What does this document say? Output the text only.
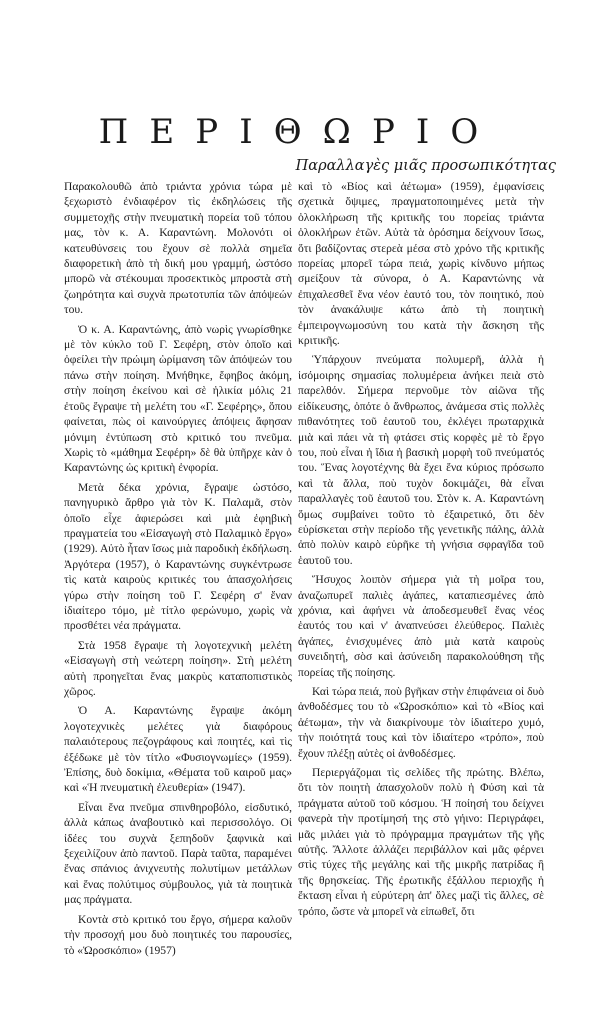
ΠΕΡΙΘΩΡΙΟ

Παραλλαγὲς μιᾶς προσωπικότητας

Παρακολουθῶ ἀπὸ τριάντα χρόνια τώρα μὲ ξεχωριστὸ ἐνδιαφέρον τὶς ἐκδηλώσεις τῆς συμμετοχῆς στὴν πνευματικὴ πορεία τοῦ τόπου μας, τὸν κ. Α. Καραντώνη. Μολονότι οἱ κατευθύνσεις του ἔχουν σὲ πολλὰ σημεῖα διαφορετικὴ ἀπὸ τὴ δική μου γραμμή, ὡστόσο μπορῶ νὰ στέκουμαι προσεκτικὸς μπροστὰ στὴ ζωηρότητα καὶ συχνὰ πρωτοτυπία τῶν ἀπόψεών του.

Ὁ κ. Α. Καραντώνης, ἀπὸ νωρὶς γνωρίσθηκε μὲ τὸν κύκλο τοῦ Γ. Σεφέρη, στὸν ὁποῖο καὶ ὀφείλει τὴν πρώιμη ὡρίμανση τῶν ἀπόψεών του πάνω στὴν ποίηση. Μνήθηκε, ἔφηβος ἀκόμη, στὴν ποίηση ἐκείνου καὶ σὲ ἡλικία μόλις 21 ἐτοῦς ἔγραψε τὴ μελέτη του «Γ. Σεφέρης», ὅπου φαίνεται, πὼς οἱ καινούργιες ἀπόψεις ἄφησαν μόνιμη ἐντύπωση στὸ κριτικό του πνεῦμα. Χωρὶς τὸ «μάθημα Σεφέρη» δὲ θὰ ὑπῆρχε κὰν ὁ Καραντώνης ὡς κριτικὴ ἐνφορία.

Μετὰ δέκα χρόνια, ἔγραψε ὡστόσο, πανηγυρικὸ ἄρθρο γιὰ τὸν Κ. Παλαμᾶ, στὸν ὁποῖο εἶχε ἀφιερώσει καὶ μιὰ ἐφηβικὴ πραγματεία του «Εἰσαγωγὴ στὸ Παλαμικὸ ἔργο» (1929). Αὐτὸ ἦταν ἴσως μιὰ παροδικὴ ἐκδήλωση. Ἀργότερα (1957), ὁ Καραντώνης συγκέντρωσε τὶς κατὰ καιροὺς κριτικές του ἀπασχολήσεις γύρω στὴν ποίηση τοῦ Γ. Σεφέρη σ' ἕναν ἰδιαίτερο τόμο, μὲ τίτλο φερώνυμο, χωρὶς νὰ προσθέτει νέα πράγματα.

Στὰ 1958 ἔγραψε τὴ λογοτεχνικὴ μελέτη «Εἰσαγωγὴ στὴ νεώτερη ποίηση». Στὴ μελέτη αὐτὴ προηγεῖται ἕνας μακρὺς καταποπιστικὸς χῶρος.

Ὁ Α. Καραντώνης ἔγραψε ἀκόμη λογοτεχνικὲς μελέτες γιὰ διαφόρους παλαιότερους πεζογράφους καὶ ποιητές, καὶ τὶς ἐξέδωκε μὲ τὸν τίτλο «Φυσιογνωμίες» (1959). Ἐπίσης, δυὸ δοκίμια, «Θέματα τοῦ καιροῦ μας» καὶ «Ἡ πνευματικὴ ἐλευθερία» (1947).

Εἶναι ἕνα πνεῦμα σπινθηροβόλο, εἰσδυτικό, ἀλλὰ κάπως ἀναβουτικὸ καὶ περισσολόγο. Οἱ ἰδέες του συχνὰ ξεπηδοῦν ξαφνικὰ καὶ ξεχειλίζουν ἀπὸ παντοῦ. Παρὰ ταῦτα, παραμένει ἕνας σπάνιος ἀνιχνευτὴς πολυτίμων μετάλλων καὶ ἕνας πολύτιμος σύμβουλος, γιὰ τὰ ποιητικὰ μας πράγματα.

Κοντὰ στὸ κριτικό του ἔργο, σήμερα καλοῦν τὴν προσοχή μου δυὸ ποιητικές του παρουσίες, τὸ «Ὡροσκόπιο» (1957)

καὶ τὸ «Βίος καὶ ἀέτωμα» (1959), ἐμφανίσεις σχετικὰ ὄψιμες, πραγματοποιημένες μετὰ τὴν ὁλοκλήρωση τῆς κριτικῆς του πορείας τριάντα ὁλοκλήρων ἐτῶν. Αὐτὰ τὰ ὁρόσημα δείχνουν ἴσως, ὅτι βαδίζοντας στερεὰ μέσα στὸ χρόνο τῆς κριτικῆς πορείας μπορεῖ τώρα πειά, χωρὶς κίνδυνο μήπως σμείξουν τὰ σύνορα, ὁ Α. Καραντώνης νὰ ἐπιχαλεσθεῖ ἕνα νέον ἑαυτό του, τὸν ποιητικό, ποὺ τὸν ἀνακάλυψε κάτω ἀπὸ τὴ ποιητικὴ ἐμπειρογνωμοσύνη του κατὰ τὴν ἄσκηση τῆς κριτικῆς.

Ὑπάρχουν πνεύματα πολυμερῆ, ἀλλὰ ἡ ἰσόμοιρης σημασίας πολυμέρεια ἀνήκει πειὰ στὸ παρελθόν. Σήμερα περνοῦμε τὸν αἰῶνα τῆς εἰδίκευσης, ὁπότε ὁ ἄνθρωπος, ἀνάμεσα στὶς πολλὲς πιθανότητες τοῦ ἑαυτοῦ του, ἐκλέγει πρωταρχικὰ μιὰ καὶ πάει νὰ τὴ φτάσει στὶς κορφὲς μὲ τὸ ἔργο του, ποὺ εἶναι ἡ ἴδια ἡ βασικὴ μορφὴ τοῦ πνεύματός του. Ἕνας λογοτέχνης θὰ ἔχει ἕνα κύριος πρόσωπο καὶ τὰ ἄλλα, ποὺ τυχὸν δοκιμάζει, θὰ εἶναι παραλλαγὲς τοῦ ἑαυτοῦ του. Στὸν κ. Α. Καραντώνη ὅμως συμβαίνει τοῦτο τὸ ἐξαιρετικό, ὅτι δὲν εὑρίσκεται στὴν περίοδο τῆς γενετικῆς πάλης, ἀλλὰ ἀπὸ πολὺν καιρὸ εὑρῆκε τὴ γνήσια σφραγῖδα τοῦ ἑαυτοῦ του.

Ἥσυχος λοιπὸν σήμερα γιὰ τὴ μοῖρα του, ἀναζωπυρεῖ παλιὲς ἀγάπες, καταπιεσμένες ἀπὸ χρόνια, καὶ ἀφήνει νὰ ἀποδεσμευθεῖ ἕνας νέος ἑαυτός του καὶ ν' ἀναπνεύσει ἐλεύθερος. Παλιὲς ἀγάπες, ἐνισχυμένες ἀπὸ μιὰ κατὰ καιροὺς συνειδητή, σὸσ καὶ ἀσύνειδη παρακολούθηση τῆς πορείας τῆς ποίησης.

Καὶ τώρα πειά, ποὺ βγῆκαν στὴν ἐπιφάνεια οἱ δυὸ ἀνθοδέσμες του τὸ «Ὡροσκόπιο» καὶ τὸ «Βίος καὶ ἀέτωμα», τὴν νὰ διακρίνουμε τὸν ἰδιαίτερο χυμό, τὴν ποιότητά τους καὶ τὸν ἰδιαίτερο «τρόπο», ποὺ ἔχουν πλέξῃ αὐτὲς οἱ ἀνθοδέσμες.

Περιεργάζομαι τὶς σελίδες τῆς πρώτης. Βλέπω, ὅτι τὸν ποιητὴ ἀπασχολοῦν πολὺ ἡ Φύση καὶ τὰ πράγματα αὐτοῦ τοῦ κόσμου. Ἡ ποίησή του δείχνει φανερὰ τὴν προτίμησή της στὸ γήινο: Περιγράφει, μᾶς μιλάει γιὰ τὸ πρόγραμμα πραγμάτων τῆς γῆς αὐτῆς. Ἄλλοτε ἀλλάζει περιβάλλον καὶ μᾶς φέρνει στὶς τύχες τῆς μεγάλης καὶ τῆς μικρῆς πατρίδας ἢ τῆς θρησκείας. Τῆς ἐρωτικῆς ἐξάλλου περιοχῆς ἡ ἔκταση εἶναι ἡ εὐρύτερη ἀπ' ὅλες μαζὶ τὶς ἄλλες, σὲ τρόπο, ὥστε νὰ μπορεῖ νὰ εἰπωθεῖ, ὅτι
